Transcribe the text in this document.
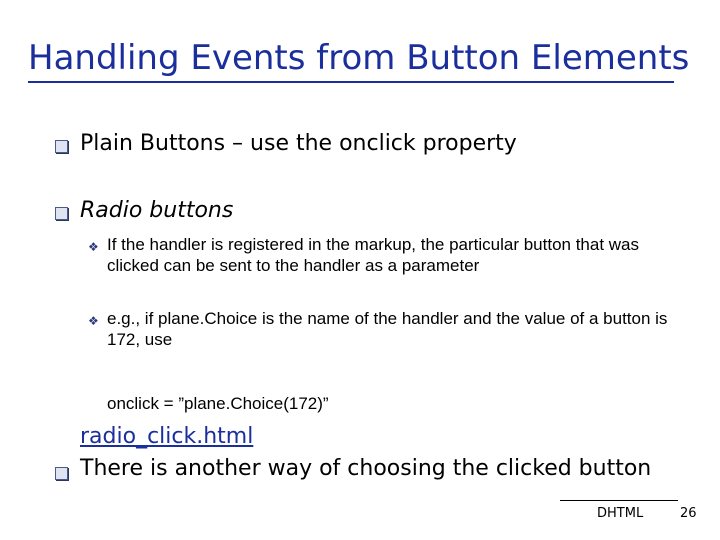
Handling Events from Button Elements
Plain Buttons – use the onclick property
Radio buttons
❖ If the handler is registered in the markup, the particular button that was clicked can be sent to the handler as a parameter
❖ e.g., if plane.Choice is the name of the handler and the value of a button is 172, use
onclick = ”plane.Choice(172)”
radio_click.html
There is another way of choosing the clicked button
DHTML	26
